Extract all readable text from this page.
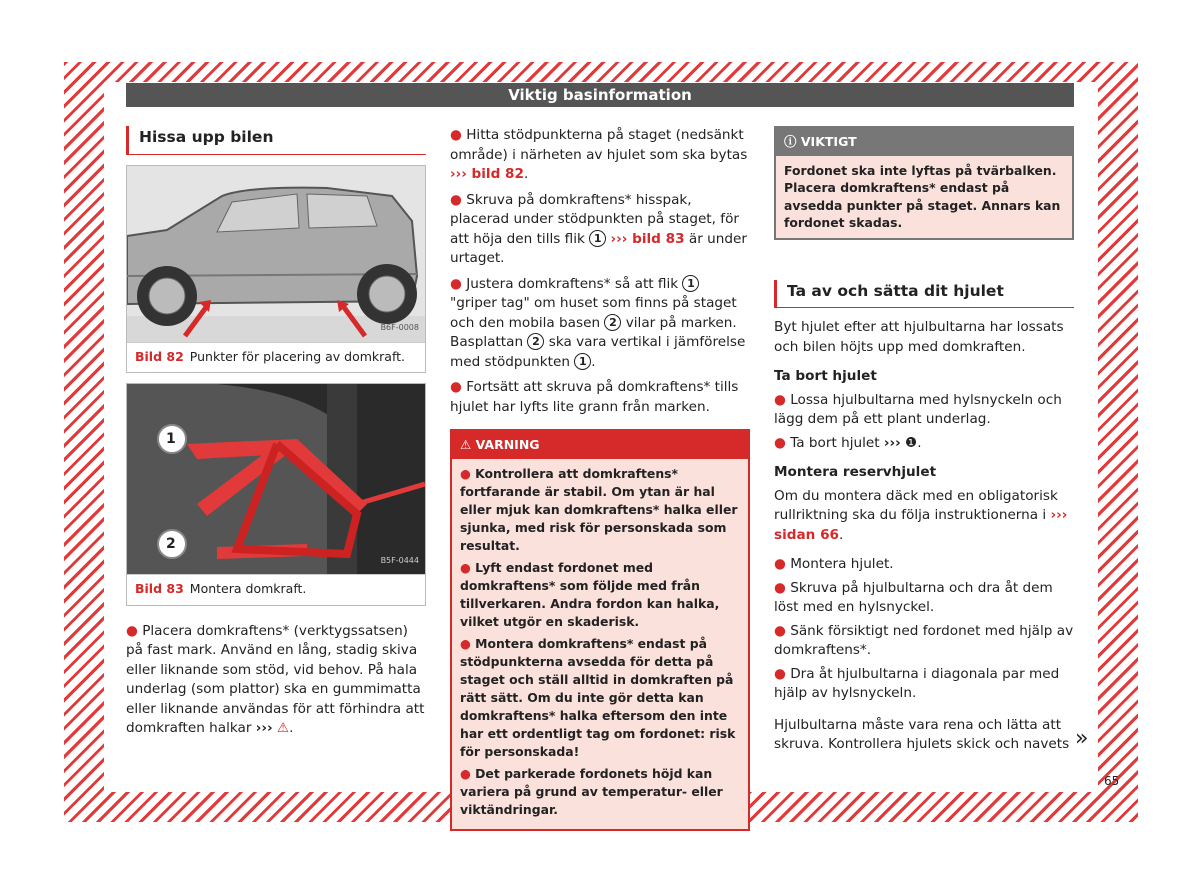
Viktig basinformation
Hissa upp bilen
B6F-0008
Bild 82 Punkter för placering av domkraft.
1
2
B5F-0444
Bild 83 Montera domkraft.

● Placera domkraftens* (verktygssatsen) på fast mark. Använd en lång, stadig skiva eller liknande som stöd, vid behov. På hala underlag (som plattor) ska en gummimatta eller liknande användas för att förhindra att domkraften halkar ››› ⚠.

● Hitta stödpunkterna på staget (nedsänkt område) i närheten av hjulet som ska bytas ››› bild 82.

● Skruva på domkraftens* hisspak, placerad under stödpunkten på staget, för att höja den tills flik 1 ››› bild 83 är under urtaget.

● Justera domkraftens* så att flik 1 "griper tag" om huset som finns på staget och den mobila basen 2 vilar på marken. Basplattan 2 ska vara vertikal i jämförelse med stödpunkten 1 .

● Fortsätt att skruva på domkraftens* tills hjulet har lyfts lite grann från marken.

⚠ VARNING

● Kontrollera att domkraftens* fortfarande är stabil. Om ytan är hal eller mjuk kan domkraftens* halka eller sjunka, med risk för personskada som resultat.

● Lyft endast fordonet med domkraftens* som följde med från tillverkaren. Andra fordon kan halka, vilket utgör en skaderisk.

● Montera domkraftens* endast på stödpunkterna avsedda för detta på staget och ställ alltid in domkraften på rätt sätt. Om du inte gör detta kan domkraftens* halka eftersom den inte har ett ordentligt tag om fordonet: risk för personskada!

● Det parkerade fordonets höjd kan variera på grund av temperatur- eller viktändringar.

ⓘ VIKTIGT
Fordonet ska inte lyftas på tvärbalken. Placera domkraftens* endast på avsedda punkter på staget. Annars kan fordonet skadas.
Ta av och sätta dit hjulet

Byt hjulet efter att hjulbultarna har lossats och bilen höjts upp med domkraften.

Ta bort hjulet

● Lossa hjulbultarna med hylsnyckeln och lägg dem på ett plant underlag.

● Ta bort hjulet ››› ❶.

Montera reservhjulet

Om du montera däck med en obligatorisk rullriktning ska du följa instruktionerna i ››› sidan 66.

● Montera hjulet.

● Skruva på hjulbultarna och dra åt dem löst med en hylsnyckel.

● Sänk försiktigt ned fordonet med hjälp av domkraftens*.

● Dra åt hjulbultarna i diagonala par med hjälp av hylsnyckeln.

Hjulbultarna måste vara rena och lätta att skruva. Kontrollera hjulets skick och navets »
65
